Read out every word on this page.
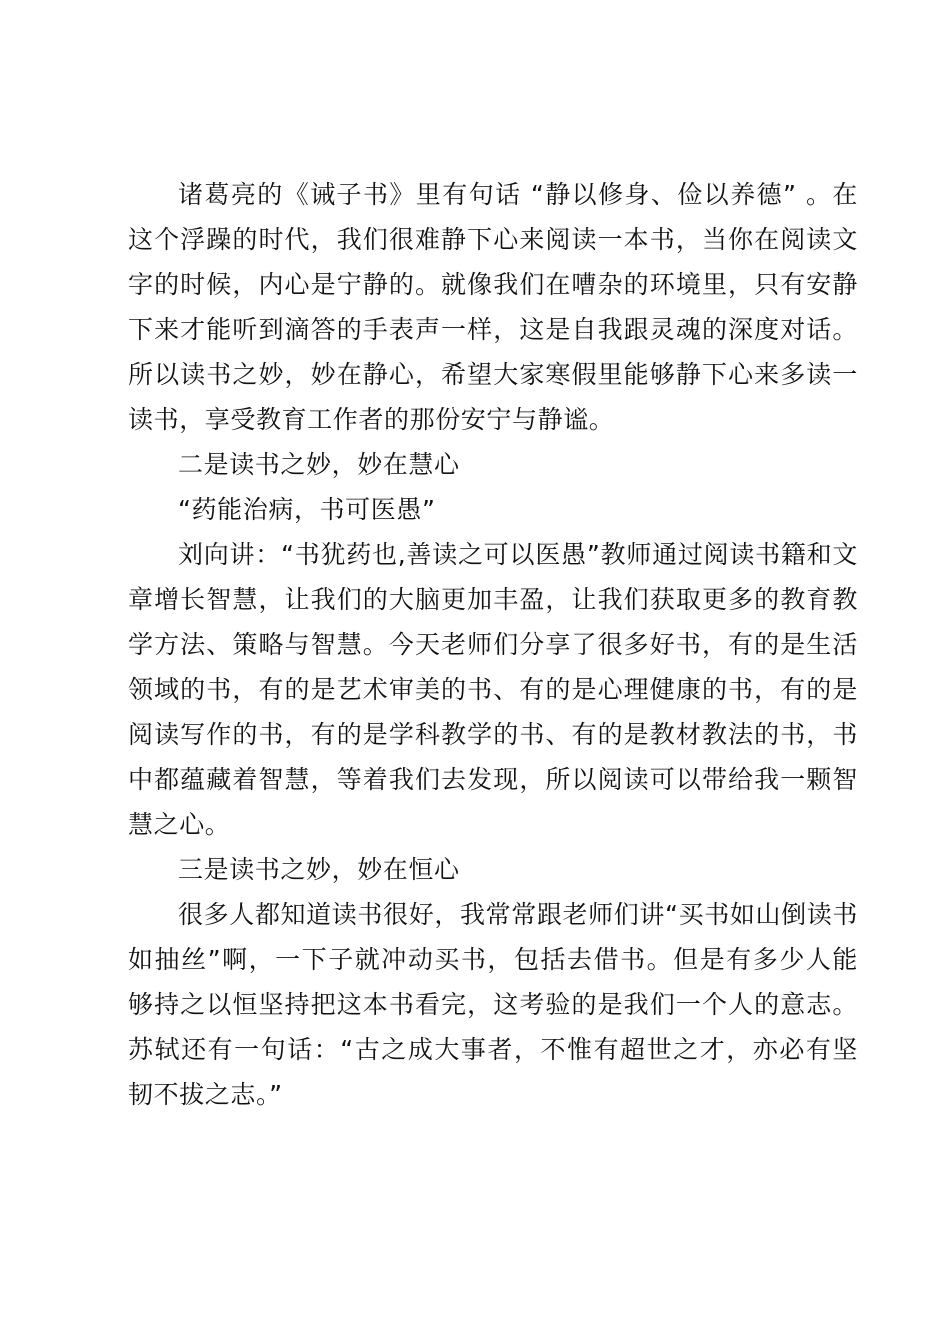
诸葛亮的《诫子书》里有句话 “静以修身、俭以养德” 。在这个浮躁的时代，我们很难静下心来阅读一本书，当你在阅读文字的时候，内心是宁静的。就像我们在嘈杂的环境里，只有安静下来才能听到滴答的手表声一样，这是自我跟灵魂的深度对话。所以读书之妙，妙在静心，希望大家寒假里能够静下心来多读一读书，享受教育工作者的那份安宁与静谧。

二是读书之妙，妙在慧心

“药能治病，书可医愚”

刘向讲：“书犹药也,善读之可以医愚”教师通过阅读书籍和文章增长智慧，让我们的大脑更加丰盈，让我们获取更多的教育教学方法、策略与智慧。今天老师们分享了很多好书，有的是生活领域的书，有的是艺术审美的书、有的是心理健康的书，有的是阅读写作的书，有的是学科教学的书、有的是教材教法的书，书中都蕴藏着智慧，等着我们去发现，所以阅读可以带给我一颗智慧之心。

三是读书之妙，妙在恒心

很多人都知道读书很好，我常常跟老师们讲“买书如山倒读书如抽丝”啊，一下子就冲动买书，包括去借书。但是有多少人能够持之以恒坚持把这本书看完，这考验的是我们一个人的意志。苏轼还有一句话：“古之成大事者，不惟有超世之才，亦必有坚韧不拔之志。”
